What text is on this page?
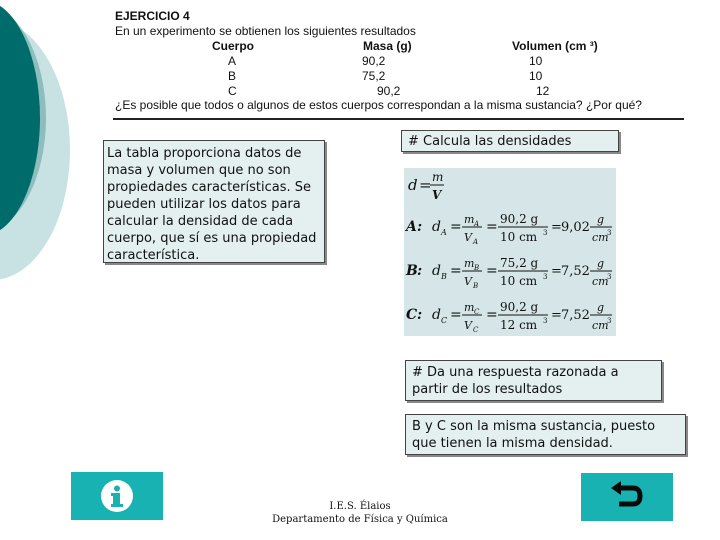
EJERCICIO 4
En un experimento se obtienen los siguientes resultados
Cuerpo	Masa (g)	Volumen (cm ³)
A	90,2	10
B	75,2	10
C	90,2	12
¿Es posible que todos o algunos de estos cuerpos correspondan a la misma sustancia? ¿Por qué?
La tabla proporciona datos de masa y volumen que no son propiedades características. Se pueden utilizar los datos para calcular la densidad de cada cuerpo, que sí es una propiedad característica.
# Calcula las densidades
d = m
V
A : d A = m A
V A
= 90,2 g
10 cm 3 = 9,02
g
cm
3
B : d B = m B
V B
= 75,2 g
10 cm 3 = 7,52
g
cm
3
C : d C = m C
V C
= 90,2 g
12 cm 3 = 7,52
g
cm
3
# Da una respuesta razonada a partir de los resultados
B y C son la misma sustancia, puesto que tienen la misma densidad.
I.E.S. Élaios
Departamento de Física y Química
